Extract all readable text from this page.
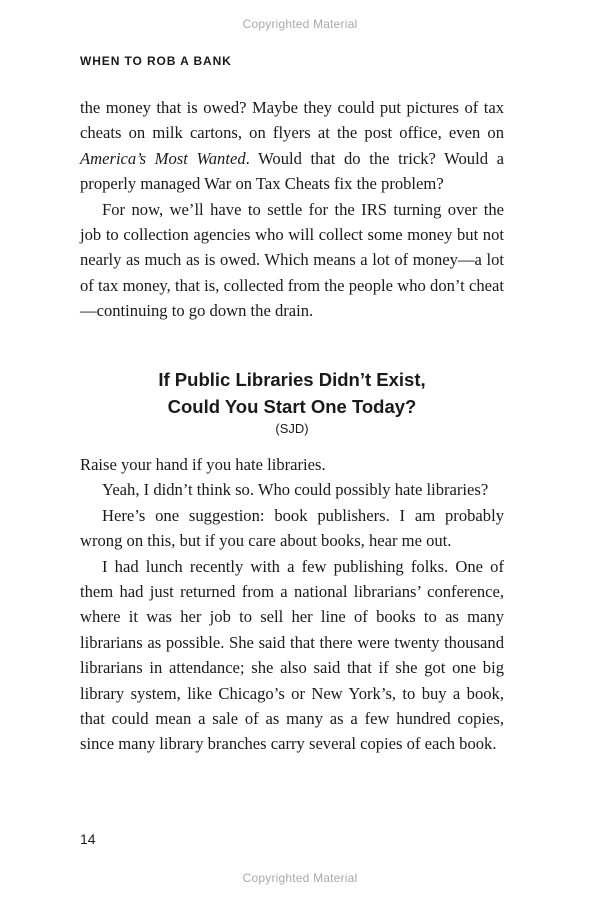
Copyrighted Material
WHEN TO ROB A BANK

the money that is owed? Maybe they could put pictures of tax cheats on milk cartons, on flyers at the post office, even on America’s Most Wanted. Would that do the trick? Would a properly managed War on Tax Cheats fix the problem?

For now, we’ll have to settle for the IRS turning over the job to collection agencies who will collect some money but not nearly as much as is owed. Which means a lot of money—a lot of tax money, that is, collected from the people who don’t cheat—continuing to go down the drain.

If Public Libraries Didn’t Exist,
Could You Start One Today?
(SJD)

Raise your hand if you hate libraries.

Yeah, I didn’t think so. Who could possibly hate libraries?

Here’s one suggestion: book publishers. I am probably wrong on this, but if you care about books, hear me out.

I had lunch recently with a few publishing folks. One of them had just returned from a national librarians’ conference, where it was her job to sell her line of books to as many librarians as possible. She said that there were twenty thousand librarians in attendance; she also said that if she got one big library system, like Chicago’s or New York’s, to buy a book, that could mean a sale of as many as a few hundred copies, since many library branches carry several copies of each book.

14
Copyrighted Material
